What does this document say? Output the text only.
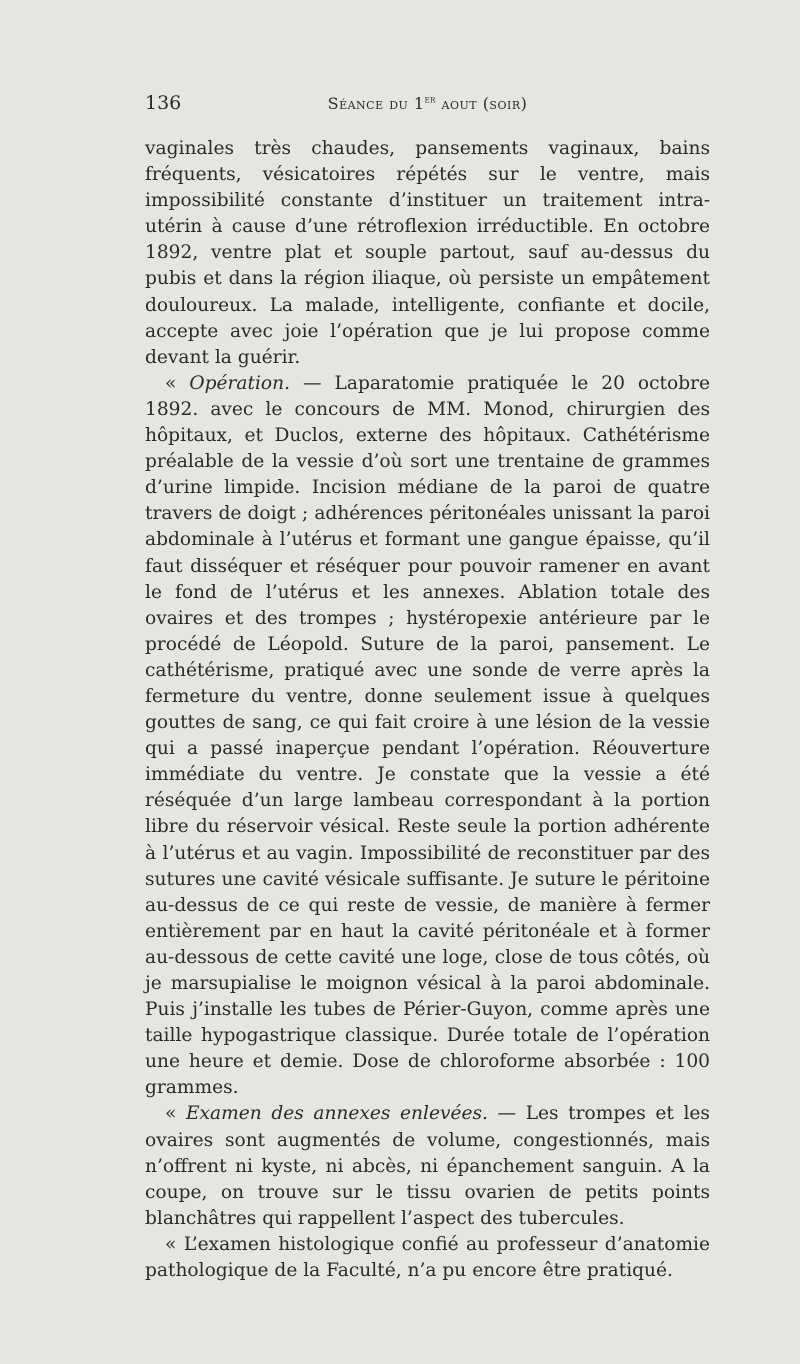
136	Séance du 1er aout (soir)

vaginales très chaudes, pansements vaginaux, bains fréquents, vésicatoires répétés sur le ventre, mais impossibilité constante d’instituer un traitement intra-utérin à cause d’une rétroflexion irréductible. En octobre 1892, ventre plat et souple partout, sauf au-dessus du pubis et dans la région iliaque, où persiste un empâtement douloureux. La malade, intelligente, confiante et docile, accepte avec joie l’opération que je lui propose comme devant la guérir.

« Opération. — Laparatomie pratiquée le 20 octobre 1892. avec le concours de MM. Monod, chirurgien des hôpitaux, et Duclos, externe des hôpitaux. Cathétérisme préalable de la vessie d’où sort une trentaine de grammes d’urine limpide. Incision médiane de la paroi de quatre travers de doigt ; adhérences péritonéales unissant la paroi abdominale à l’utérus et formant une gangue épaisse, qu’il faut disséquer et réséquer pour pouvoir ramener en avant le fond de l’utérus et les annexes. Ablation totale des ovaires et des trompes ; hystéropexie antérieure par le procédé de Léopold. Suture de la paroi, pansement. Le cathétérisme, pratiqué avec une sonde de verre après la fermeture du ventre, donne seulement issue à quelques gouttes de sang, ce qui fait croire à une lésion de la vessie qui a passé inaperçue pendant l’opération. Réouverture immédiate du ventre. Je constate que la vessie a été réséquée d’un large lambeau correspondant à la portion libre du réservoir vésical. Reste seule la portion adhérente à l’utérus et au vagin. Impossibilité de reconstituer par des sutures une cavité vésicale suffisante. Je suture le péritoine au-dessus de ce qui reste de vessie, de manière à fermer entièrement par en haut la cavité péritonéale et à former au-dessous de cette cavité une loge, close de tous côtés, où je marsupialise le moignon vésical à la paroi abdominale. Puis j’installe les tubes de Périer-Guyon, comme après une taille hypogastrique classique. Durée totale de l’opération une heure et demie. Dose de chloroforme absorbée : 100 grammes.

« Examen des annexes enlevées. — Les trompes et les ovaires sont augmentés de volume, congestionnés, mais n’offrent ni kyste, ni abcès, ni épanchement sanguin. A la coupe, on trouve sur le tissu ovarien de petits points blanchâtres qui rappellent l’aspect des tubercules.

« L’examen histologique confié au professeur d’anatomie pathologique de la Faculté, n’a pu encore être pratiqué.
